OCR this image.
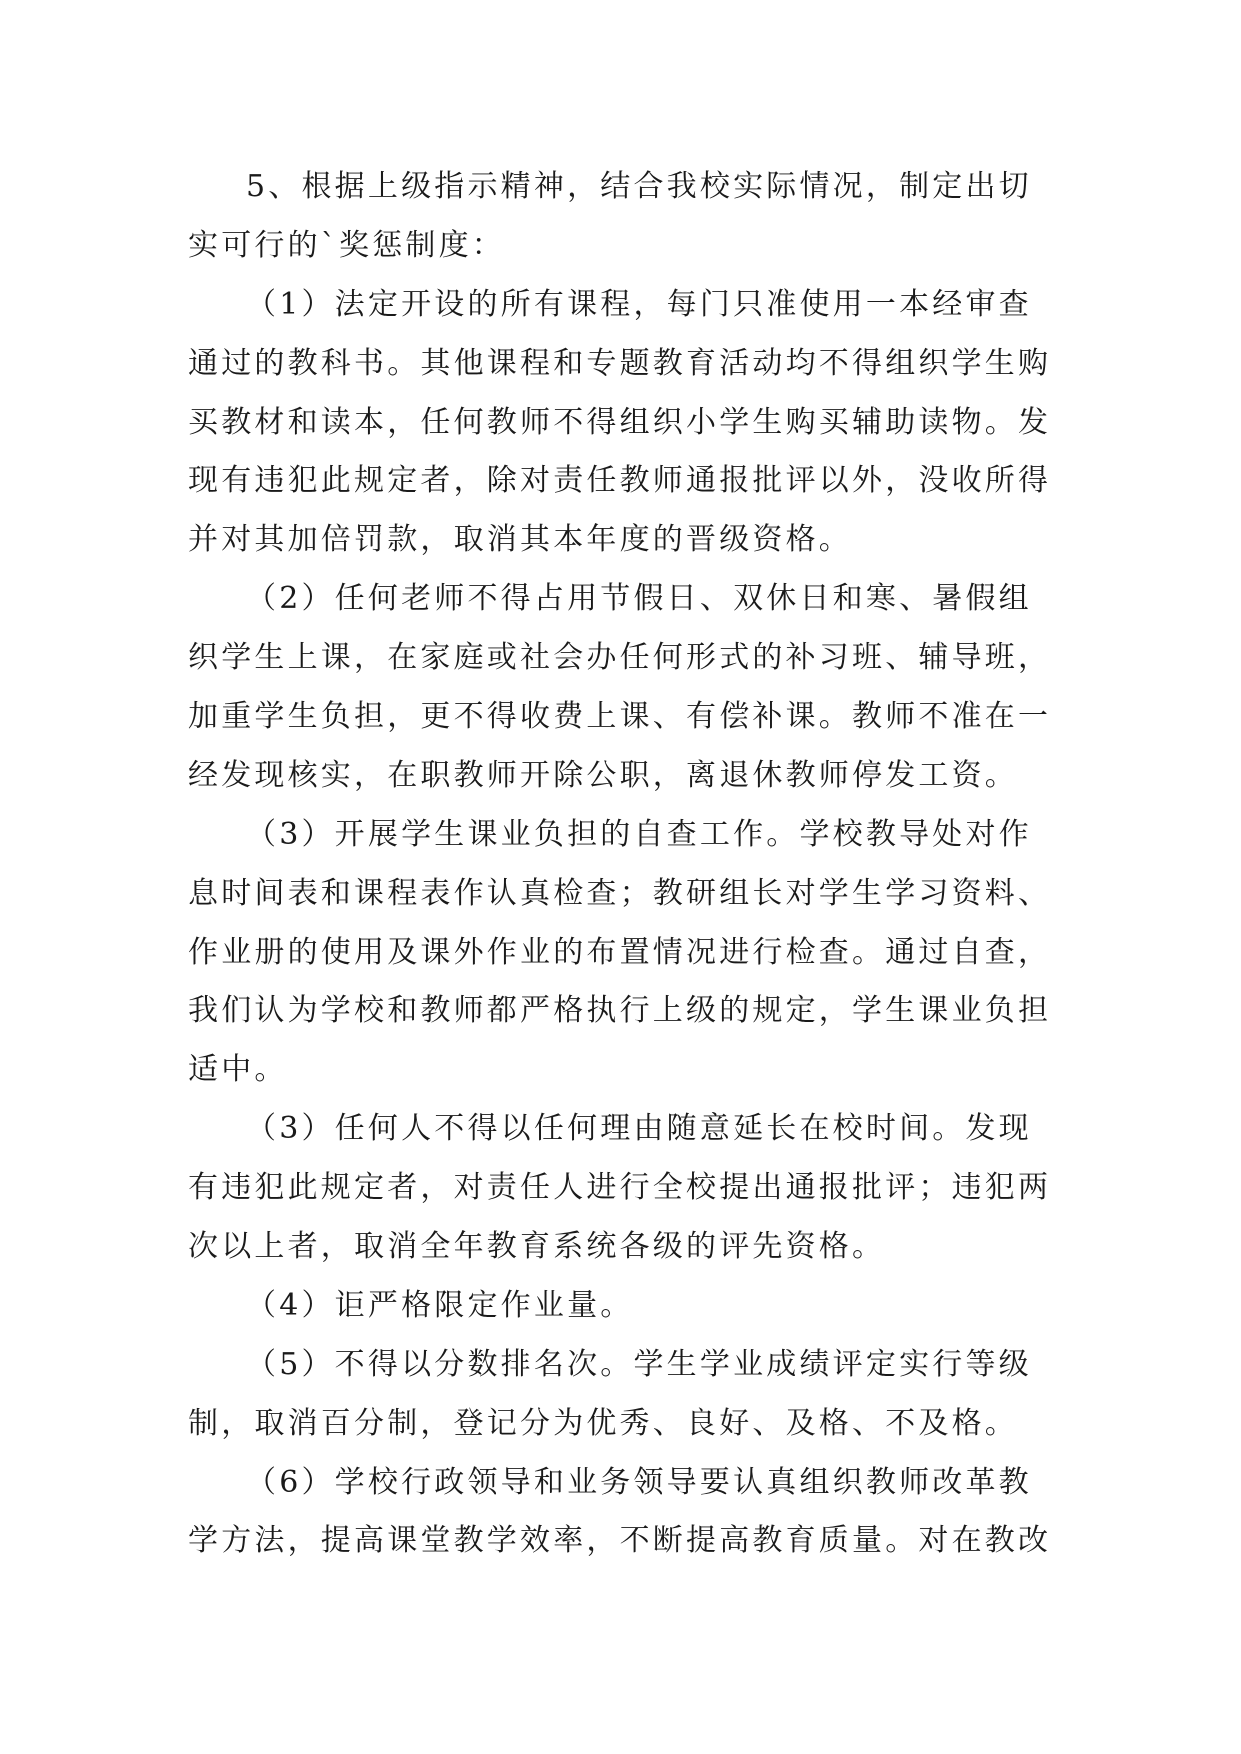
5、根据上级指示精神，结合我校实际情况，制定出切
实可行的`奖惩制度：

（1）法定开设的所有课程，每门只准使用一本经审查
通过的教科书。其他课程和专题教育活动均不得组织学生购
买教材和读本，任何教师不得组织小学生购买辅助读物。发
现有违犯此规定者，除对责任教师通报批评以外，没收所得
并对其加倍罚款，取消其本年度的晋级资格。

（2）任何老师不得占用节假日、双休日和寒、暑假组
织学生上课，在家庭或社会办任何形式的补习班、辅导班，
加重学生负担，更不得收费上课、有偿补课。教师不准在一
经发现核实，在职教师开除公职，离退休教师停发工资。

（3）开展学生课业负担的自查工作。学校教导处对作
息时间表和课程表作认真检查；教研组长对学生学习资料、
作业册的使用及课外作业的布置情况进行检查。通过自查，
我们认为学校和教师都严格执行上级的规定，学生课业负担
适中。

（3）任何人不得以任何理由随意延长在校时间。发现
有违犯此规定者，对责任人进行全校提出通报批评；违犯两
次以上者，取消全年教育系统各级的评先资格。

（4）讵严格限定作业量。

（5）不得以分数排名次。学生学业成绩评定实行等级
制，取消百分制，登记分为优秀、良好、及格、不及格。

（6）学校行政领导和业务领导要认真组织教师改革教
学方法，提高课堂教学效率，不断提高教育质量。对在教改
